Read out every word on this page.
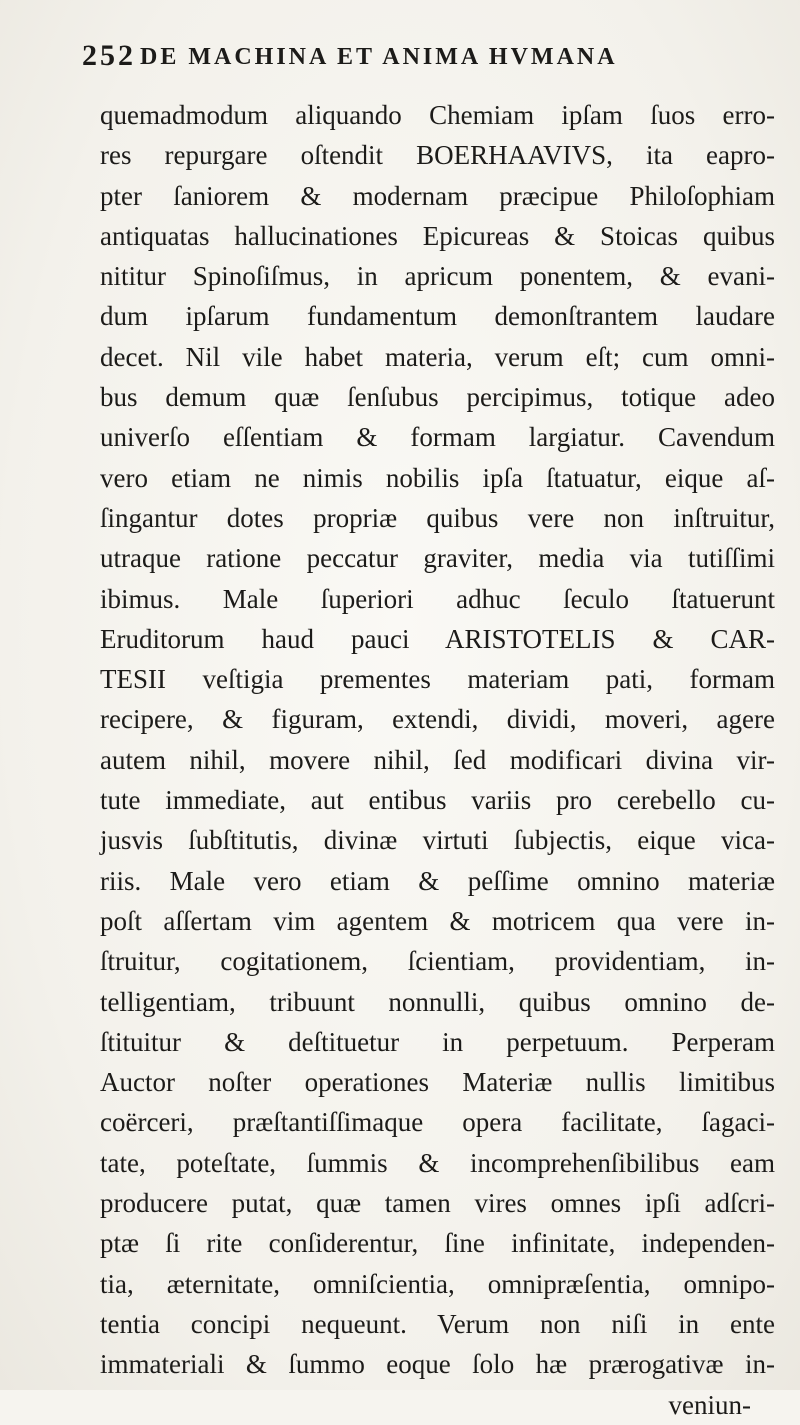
252 DE MACHINA ET ANIMA HVMANA
quemadmodum aliquando Chemiam ipſam ſuos erro-
res repurgare oſtendit BOERHAAVIVS, ita eapro-
pter ſaniorem & modernam præcipue Philoſophiam
antiquatas hallucinationes Epicureas & Stoicas quibus
nititur Spinoſiſmus, in apricum ponentem, & evani-
dum ipſarum fundamentum demonſtrantem laudare
decet. Nil vile habet materia, verum eſt; cum omni-
bus demum quæ ſenſubus percipimus, totique adeo
univerſo eſſentiam & formam largiatur. Cavendum
vero etiam ne nimis nobilis ipſa ſtatuatur, eique aſ-
ſingantur dotes propriæ quibus vere non inſtruitur,
utraque ratione peccatur graviter, media via tutiſſimi
ibimus. Male ſuperiori adhuc ſeculo ſtatuerunt
Eruditorum haud pauci ARISTOTELIS & CAR-
TESII veſtigia prementes materiam pati, formam
recipere, & figuram, extendi, dividi, moveri, agere
autem nihil, movere nihil, ſed modificari divina vir-
tute immediate, aut entibus variis pro cerebello cu-
jusvis ſubſtitutis, divinæ virtuti ſubjectis, eique vica-
riis. Male vero etiam & peſſime omnino materiæ
poſt aſſertam vim agentem & motricem qua vere in-
ſtruitur, cogitationem, ſcientiam, providentiam, in-
telligentiam, tribuunt nonnulli, quibus omnino de-
ſtituitur & deſtituetur in perpetuum. Perperam
Auctor noſter operationes Materiæ nullis limitibus
coërceri, præſtantiſſimaque opera facilitate, ſagaci-
tate, poteſtate, ſummis & incomprehenſibilibus eam
producere putat, quæ tamen vires omnes ipſi adſcri-
ptæ ſi rite conſiderentur, ſine infinitate, independen-
tia, æternitate, omniſcientia, omnipræſentia, omnipo-
tentia concipi nequeunt. Verum non niſi in ente
immateriali & ſummo eoque ſolo hæ prærogativæ in-
veniun-
